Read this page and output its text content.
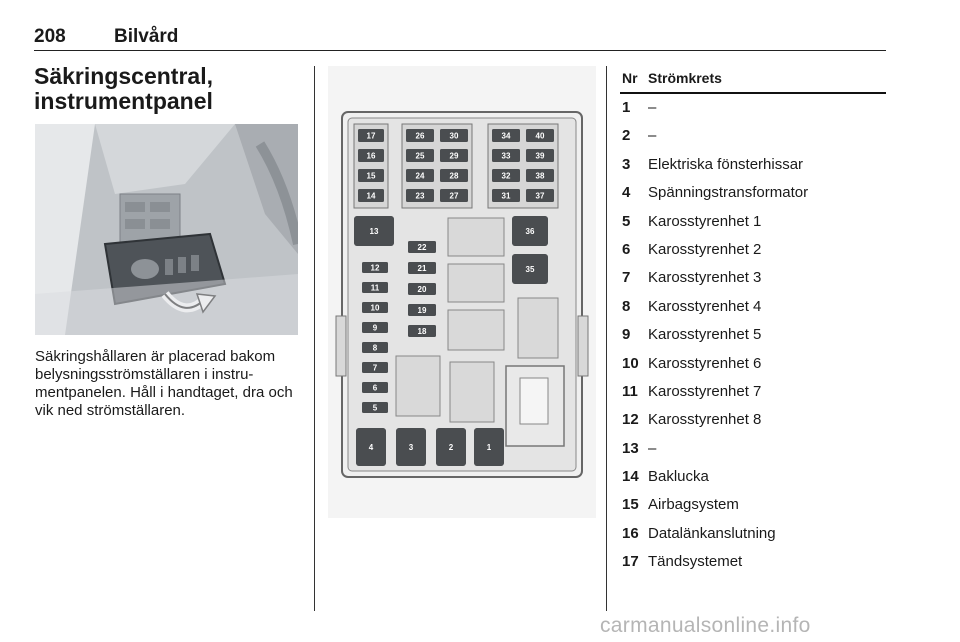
208	Bilvård
Säkringscentral,
instrumentpanel
Säkringshållaren är placerad bakom belysningsströmställaren i instrumentpanelen. Håll i handtaget, dra och vik ned strömställaren.
17
16
15
14
26
25
24
23
30
29
28
27
34
33
32
31
40
39
38
37
12
11
10
9
8
7
6
5
22
21
20
19
18
13	36
35
4	3	2	1
Nr Strömkrets
1 –
2 –
3 Elektriska fönsterhissar
4 Spänningstransformator
5 Karosstyrenhet 1
6 Karosstyrenhet 2
7 Karosstyrenhet 3
8 Karosstyrenhet 4
9 Karosstyrenhet 5
10 Karosstyrenhet 6
11 Karosstyrenhet 7
12 Karosstyrenhet 8
13 –
14 Baklucka
15 Airbagsystem
16 Datalänkanslutning
17 Tändsystemet
carmanualsonline.info
